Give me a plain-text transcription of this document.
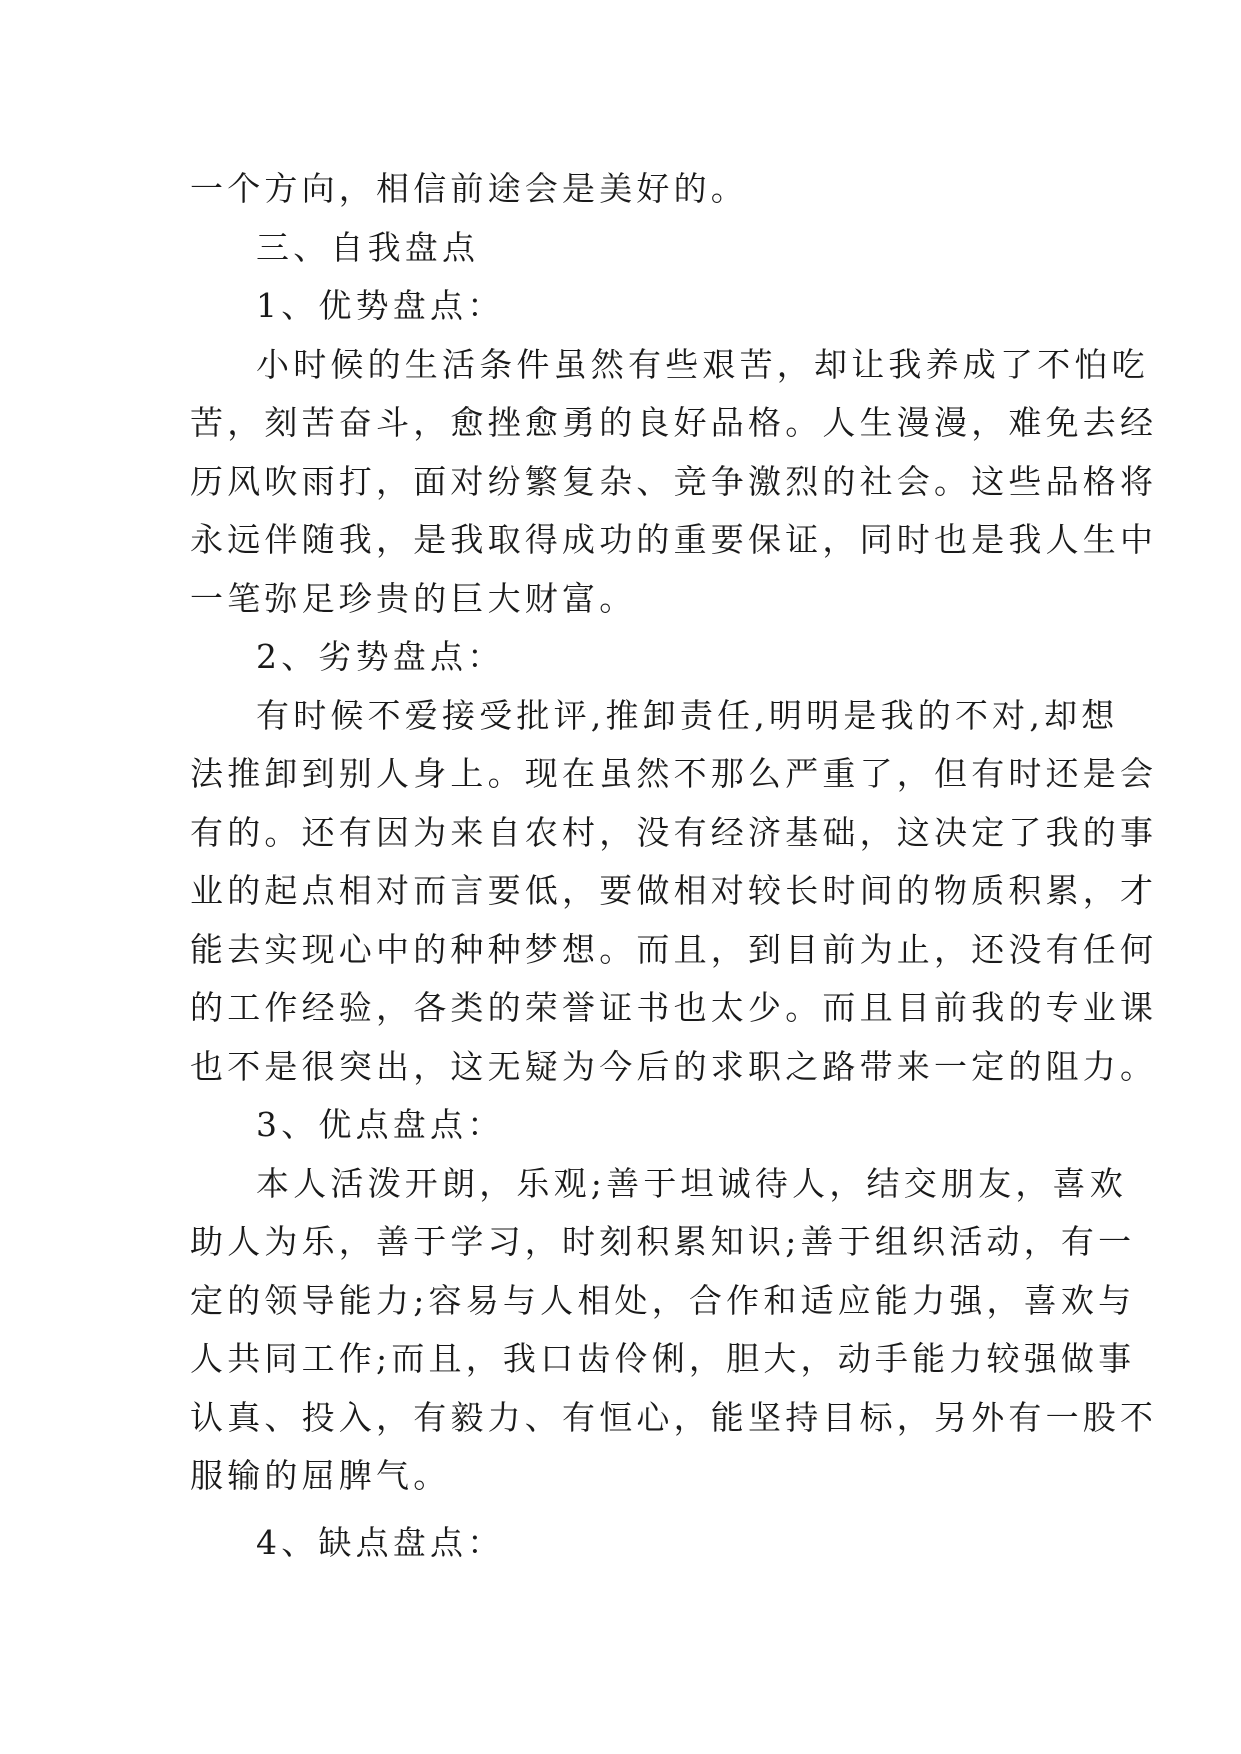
一个方向，相信前途会是美好的。
三、自我盘点
1、优势盘点：
小时候的生活条件虽然有些艰苦，却让我养成了不怕吃
苦，刻苦奋斗，愈挫愈勇的良好品格。人生漫漫，难免去经
历风吹雨打，面对纷繁复杂、竞争激烈的社会。这些品格将
永远伴随我，是我取得成功的重要保证，同时也是我人生中
一笔弥足珍贵的巨大财富。
2、劣势盘点：
有时候不爱接受批评,推卸责任,明明是我的不对,却想
法推卸到别人身上。现在虽然不那么严重了，但有时还是会
有的。还有因为来自农村，没有经济基础，这决定了我的事
业的起点相对而言要低，要做相对较长时间的物质积累，才
能去实现心中的种种梦想。而且，到目前为止，还没有任何
的工作经验，各类的荣誉证书也太少。而且目前我的专业课
也不是很突出，这无疑为今后的求职之路带来一定的阻力。
3、优点盘点：
本人活泼开朗，乐观;善于坦诚待人，结交朋友，喜欢
助人为乐，善于学习，时刻积累知识;善于组织活动，有一
定的领导能力;容易与人相处，合作和适应能力强，喜欢与
人共同工作;而且，我口齿伶俐，胆大，动手能力较强做事
认真、投入，有毅力、有恒心，能坚持目标，另外有一股不
服输的屈脾气。
4、缺点盘点：
